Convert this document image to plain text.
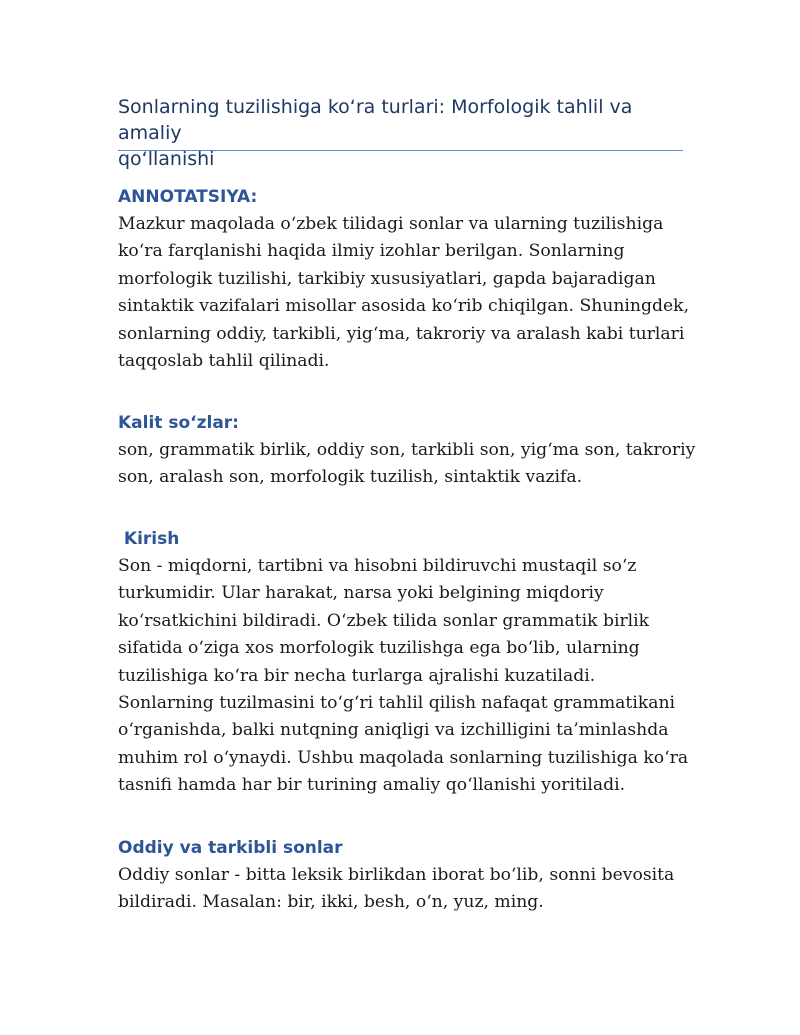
Sonlarning tuzilishiga ko‘ra turlari: Morfologik tahlil va amaliy
qo‘llanishi
ANNOTATSIYA:

Mazkur maqolada o‘zbek tilidagi sonlar va ularning tuzilishiga
ko‘ra farqlanishi haqida ilmiy izohlar berilgan. Sonlarning
morfologik tuzilishi, tarkibiy xususiyatlari, gapda bajaradigan
sintaktik vazifalari misollar asosida ko‘rib chiqilgan. Shuningdek,
sonlarning oddiy, tarkibli, yig‘ma, takroriy va aralash kabi turlari
taqqoslab tahlil qilinadi.

Kalit so‘zlar:

son, grammatik birlik, oddiy son, tarkibli son, yig‘ma son, takroriy
son, aralash son, morfologik tuzilish, sintaktik vazifa.

Kirish

Son - miqdorni, tartibni va hisobni bildiruvchi mustaqil so‘z
turkumidir. Ular harakat, narsa yoki belgining miqdoriy
ko‘rsatkichini bildiradi. O‘zbek tilida sonlar grammatik birlik
sifatida o‘ziga xos morfologik tuzilishga ega bo‘lib, ularning
tuzilishiga ko‘ra bir necha turlarga ajralishi kuzatiladi.
Sonlarning tuzilmasini to‘g‘ri tahlil qilish nafaqat grammatikani
o‘rganishda, balki nutqning aniqligi va izchilligini ta’minlashda
muhim rol o‘ynaydi. Ushbu maqolada sonlarning tuzilishiga ko‘ra
tasnifi hamda har bir turining amaliy qo‘llanishi yoritiladi.

Oddiy va tarkibli sonlar

Oddiy sonlar - bitta leksik birlikdan iborat bo‘lib, sonni bevosita
bildiradi. Masalan: bir, ikki, besh, o‘n, yuz, ming.
